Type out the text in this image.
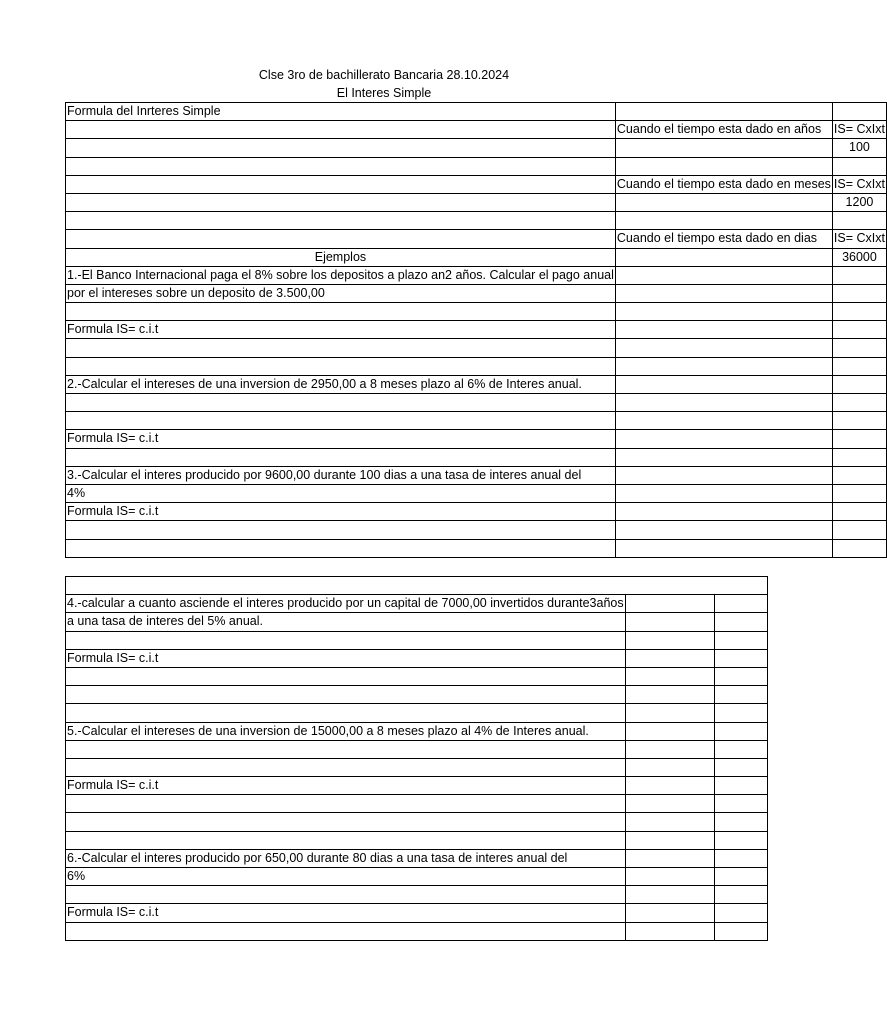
Clse 3ro de bachillerato Bancaria 28.10.2024
El Interes Simple
Formula del Inrteres Simple		
	Cuando el tiempo esta dado en años	IS= CxIxt
		100

	Cuando el tiempo esta dado en meses	IS= CxIxt
		1200

	Cuando el tiempo esta dado en dias	IS= CxIxt
Ejemplos		36000
1.-El Banco Internacional paga el 8% sobre los depositos a plazo an2 años. Calcular el pago anual		
por el intereses sobre un deposito de 3.500,00		

Formula IS= c.i.t		

2.-Calcular el intereses de una inversion de 2950,00 a 8 meses plazo al 6% de Interes anual.		

Formula IS= c.i.t		

3.-Calcular el interes producido por 9600,00 durante 100 dias a una tasa de interes anual del		
4%		
Formula IS= c.i.t		

4.-calcular a cuanto asciende el interes producido por un capital de 7000,00 invertidos durante3años		
a una tasa de interes del 5% anual.		

Formula IS= c.i.t		

5.-Calcular el intereses de una inversion de 15000,00 a 8 meses plazo al 4% de Interes anual.		

Formula IS= c.i.t		

6.-Calcular el interes producido por 650,00 durante 80 dias a una tasa de interes anual del		
6%		

Formula IS= c.i.t		
